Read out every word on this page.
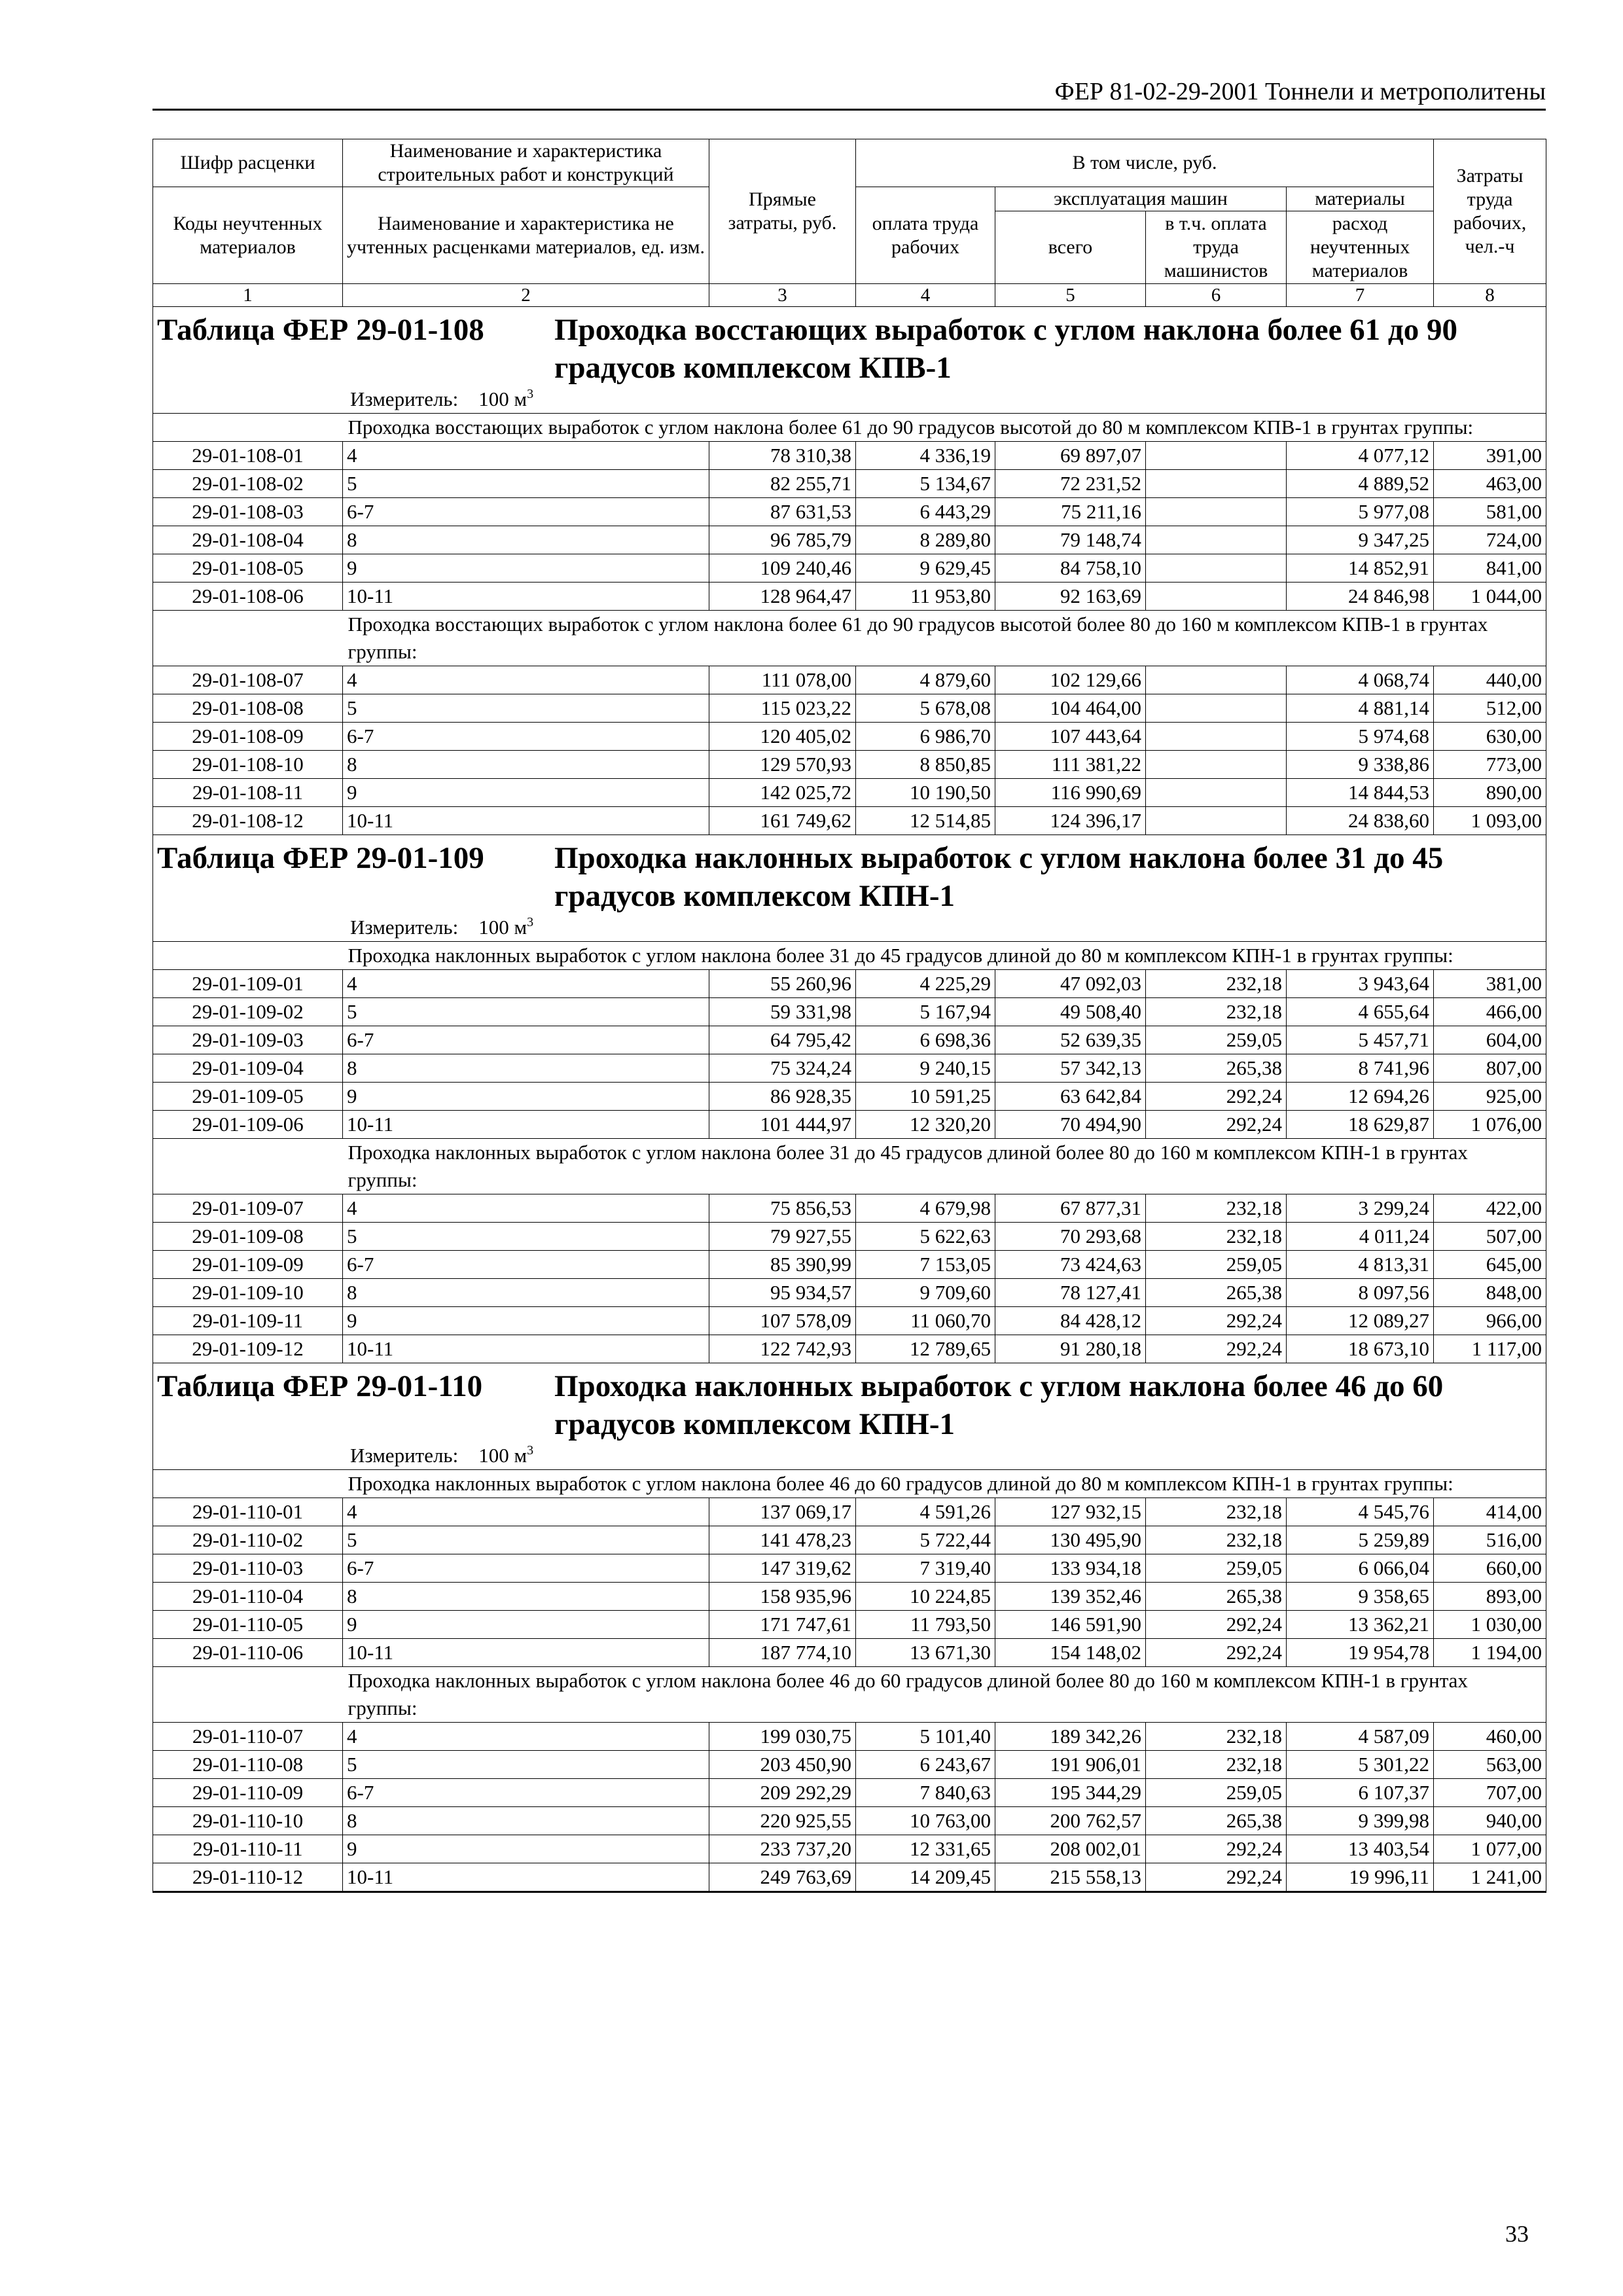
ФЕР 81-02-29-2001 Тоннели и метрополитены
Шифр расценки	Наименование и характеристика строительных работ и конструкций	Прямые затраты, руб.	В том числе, руб.				Затраты труда рабочих, чел.-ч
Коды неучтенных материалов	Наименование и характеристика не учтенных расценками материалов, ед. изм.		оплата труда рабочих	эксплуатация машин		материалы	
				всего	в т.ч. оплата труда машинистов	расход неучтенных материалов	
1	2	3	4	5	6	7	8

Таблица ФЕР 29-01-108 Проходка восстающих выработок с углом наклона более 61 до 90 градусов комплексом КПВ-1
Измеритель: 100 $м^3$

	Проходка восстающих выработок с углом наклона более 61 до 90 градусов высотой до 80 м комплексом КПВ-1 в грунтах группы:						
29-01-108-01	4	78 310,38	4 336,19	69 897,07		4 077,12	391,00
29-01-108-02	5	82 255,71	5 134,67	72 231,52		4 889,52	463,00
29-01-108-03	6-7	87 631,53	6 443,29	75 211,16		5 977,08	581,00
29-01-108-04	8	96 785,79	8 289,80	79 148,74		9 347,25	724,00
29-01-108-05	9	109 240,46	9 629,45	84 758,10		14 852,91	841,00
29-01-108-06	10-11	128 964,47	11 953,80	92 163,69		24 846,98	1 044,00
	Проходка восстающих выработок с углом наклона более 61 до 90 градусов высотой более 80 до 160 м комплексом КПВ-1 в грунтах группы:						
29-01-108-07	4	111 078,00	4 879,60	102 129,66		4 068,74	440,00
29-01-108-08	5	115 023,22	5 678,08	104 464,00		4 881,14	512,00
29-01-108-09	6-7	120 405,02	6 986,70	107 443,64		5 974,68	630,00
29-01-108-10	8	129 570,93	8 850,85	111 381,22		9 338,86	773,00
29-01-108-11	9	142 025,72	10 190,50	116 990,69		14 844,53	890,00
29-01-108-12	10-11	161 749,62	12 514,85	124 396,17		24 838,60	1 093,00

Таблица ФЕР 29-01-109 Проходка наклонных выработок с углом наклона более 31 до 45 градусов комплексом КПН-1
Измеритель: 100 $м^3$

	Проходка наклонных выработок с углом наклона более 31 до 45 градусов длиной до 80 м комплексом КПН-1 в грунтах группы:						
29-01-109-01	4	55 260,96	4 225,29	47 092,03	232,18	3 943,64	381,00
29-01-109-02	5	59 331,98	5 167,94	49 508,40	232,18	4 655,64	466,00
29-01-109-03	6-7	64 795,42	6 698,36	52 639,35	259,05	5 457,71	604,00
29-01-109-04	8	75 324,24	9 240,15	57 342,13	265,38	8 741,96	807,00
29-01-109-05	9	86 928,35	10 591,25	63 642,84	292,24	12 694,26	925,00
29-01-109-06	10-11	101 444,97	12 320,20	70 494,90	292,24	18 629,87	1 076,00
	Проходка наклонных выработок с углом наклона более 31 до 45 градусов длиной более 80 до 160 м комплексом КПН-1 в грунтах группы:						
29-01-109-07	4	75 856,53	4 679,98	67 877,31	232,18	3 299,24	422,00
29-01-109-08	5	79 927,55	5 622,63	70 293,68	232,18	4 011,24	507,00
29-01-109-09	6-7	85 390,99	7 153,05	73 424,63	259,05	4 813,31	645,00
29-01-109-10	8	95 934,57	9 709,60	78 127,41	265,38	8 097,56	848,00
29-01-109-11	9	107 578,09	11 060,70	84 428,12	292,24	12 089,27	966,00
29-01-109-12	10-11	122 742,93	12 789,65	91 280,18	292,24	18 673,10	1 117,00

Таблица ФЕР 29-01-110 Проходка наклонных выработок с углом наклона более 46 до 60 градусов комплексом КПН-1
Измеритель: 100 $м^3$

	Проходка наклонных выработок с углом наклона более 46 до 60 градусов длиной до 80 м комплексом КПН-1 в грунтах группы:						
29-01-110-01	4	137 069,17	4 591,26	127 932,15	232,18	4 545,76	414,00
29-01-110-02	5	141 478,23	5 722,44	130 495,90	232,18	5 259,89	516,00
29-01-110-03	6-7	147 319,62	7 319,40	133 934,18	259,05	6 066,04	660,00
29-01-110-04	8	158 935,96	10 224,85	139 352,46	265,38	9 358,65	893,00
29-01-110-05	9	171 747,61	11 793,50	146 591,90	292,24	13 362,21	1 030,00
29-01-110-06	10-11	187 774,10	13 671,30	154 148,02	292,24	19 954,78	1 194,00
	Проходка наклонных выработок с углом наклона более 46 до 60 градусов длиной более 80 до 160 м комплексом КПН-1 в грунтах группы:						
29-01-110-07	4	199 030,75	5 101,40	189 342,26	232,18	4 587,09	460,00
29-01-110-08	5	203 450,90	6 243,67	191 906,01	232,18	5 301,22	563,00
29-01-110-09	6-7	209 292,29	7 840,63	195 344,29	259,05	6 107,37	707,00
29-01-110-10	8	220 925,55	10 763,00	200 762,57	265,38	9 399,98	940,00
29-01-110-11	9	233 737,20	12 331,65	208 002,01	292,24	13 403,54	1 077,00
29-01-110-12	10-11	249 763,69	14 209,45	215 558,13	292,24	19 996,11	1 241,00
33
